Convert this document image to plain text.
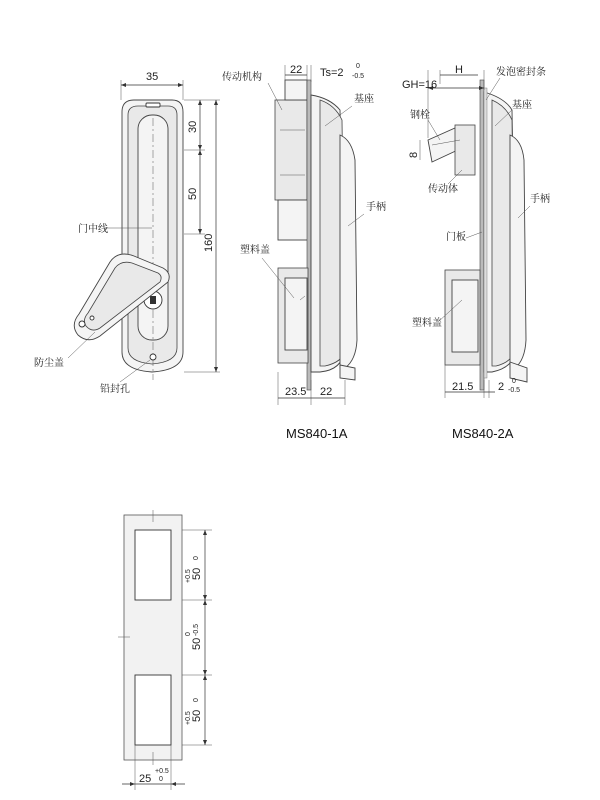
35
30
50
160
门中线
防尘盖
铅封孔
22 Ts=2
0
-0.5
传动机构
基座
手柄
塑料盖
23.5 22
MS840-1A
GH=16
H	发泡密封条
基座
钢栓
8
传动体
手柄
门板
塑料盖
21.5 2 0
-0.5
MS840-2A
50
+0.5
0
50
0 -0.5
50
+0.5
0
25
+0.5
0
